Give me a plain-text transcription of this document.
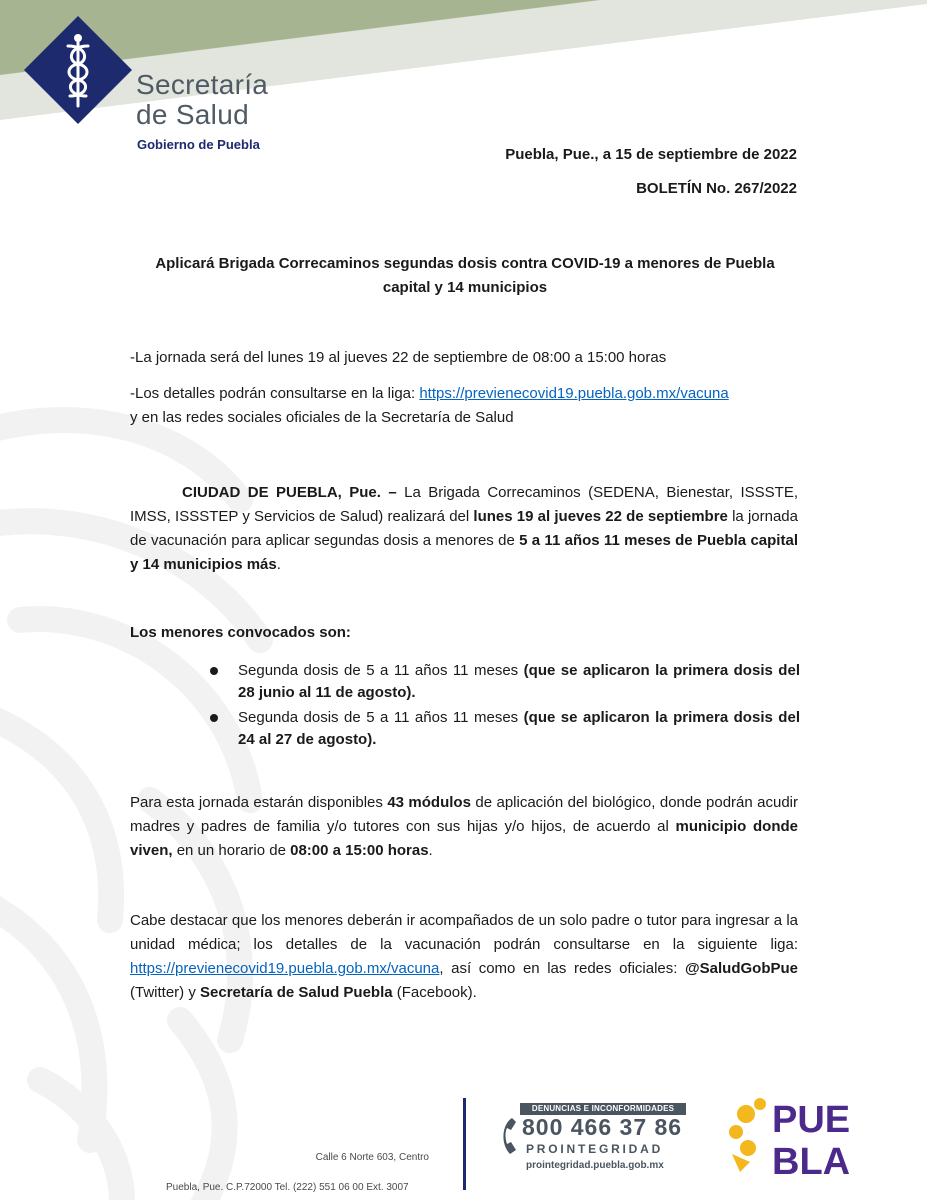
Secretaría
de Salud
Gobierno de Puebla
Puebla, Pue., a 15 de septiembre de 2022
BOLETÍN No. 267/2022
Aplicará Brigada Correcaminos segundas dosis contra COVID-19 a menores de Puebla
capital y 14 municipios
-La jornada será del lunes 19 al jueves 22 de septiembre de 08:00 a 15:00 horas
-Los detalles podrán consultarse en la liga: https://previenecovid19.puebla.gob.mx/vacuna
y en las redes sociales oficiales de la Secretaría de Salud
CIUDAD DE PUEBLA, Pue. – La Brigada Correcaminos (SEDENA, Bienestar, ISSSTE, IMSS, ISSSTEP y Servicios de Salud) realizará del lunes 19 al jueves 22 de septiembre la jornada de vacunación para aplicar segundas dosis a menores de 5 a 11 años 11 meses de Puebla capital y 14 municipios más.
Los menores convocados son:
Segunda dosis de 5 a 11 años 11 meses (que se aplicaron la primera dosis del 28 junio al 11 de agosto).
Segunda dosis de 5 a 11 años 11 meses (que se aplicaron la primera dosis del 24 al 27 de agosto).
Para esta jornada estarán disponibles 43 módulos de aplicación del biológico, donde podrán acudir madres y padres de familia y/o tutores con sus hijas y/o hijos, de acuerdo al municipio donde viven, en un horario de 08:00 a 15:00 horas.
Cabe destacar que los menores deberán ir acompañados de un solo padre o tutor para ingresar a la unidad médica; los detalles de la vacunación podrán consultarse en la siguiente liga: https://previenecovid19.puebla.gob.mx/vacuna, así como en las redes oficiales: @SaludGobPue (Twitter) y Secretaría de Salud Puebla (Facebook).
Calle 6 Norte 603, Centro
Puebla, Pue. C.P.72000 Tel. (222) 551 06 00 Ext. 3007
DENUNCIAS E INCONFORMIDADES
800 466 37 86
PROINTEGRIDAD
prointegridad.puebla.gob.mx
PUE
BLA
